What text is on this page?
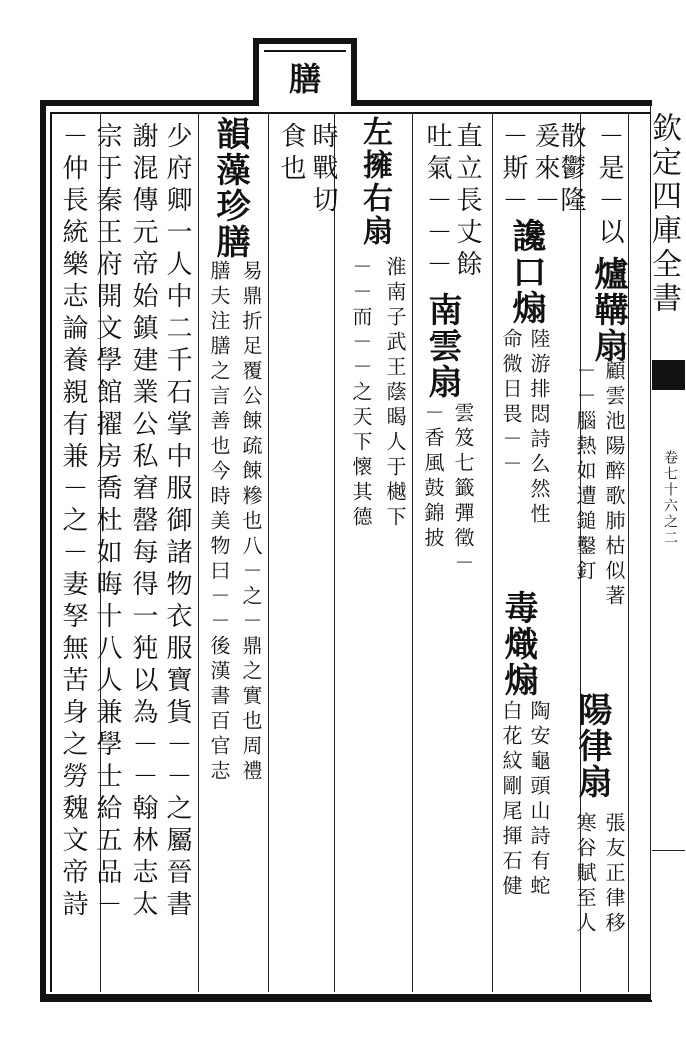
膳
欽定四庫全書
卷七十六之二
－是－以
散鬱隆
爐鞲扇
顧雲池陽醉歌肺枯似著
－－腦熱如遭鎚鑿釘
陽律扇
張友正律移
寒谷賦至人
爰來－
讒口煽
陸游排悶詩么然性
－斯－
命微日畏－－
毒熾煽
陶安龜頭山詩有蛇
白花紋剛尾揮石健
直立長丈餘
南雲扇
雲笈七籤彈徵－
吐氣－－－
－香風鼓錦披
左擁右扇
淮南子武王蔭暍人于樾下
－－而－－之天下懷其德
時戰切
食也
韻藻珍膳
易鼎折足覆公餗疏餗糝也八－之－鼎之實也周禮
膳夫注膳之言善也今時美物曰－－後漢書百官志
少府卿一人中二千石掌中服御諸物衣服寶貨－－之屬晉書
謝混傳元帝始鎮建業公私窘罄每得一㹠以為－－翰林志太
宗于秦王府開文學館擢房喬杜如晦十八人兼學士給五品－
－仲長統樂志論養親有兼－之－妻孥無苦身之勞魏文帝詩
